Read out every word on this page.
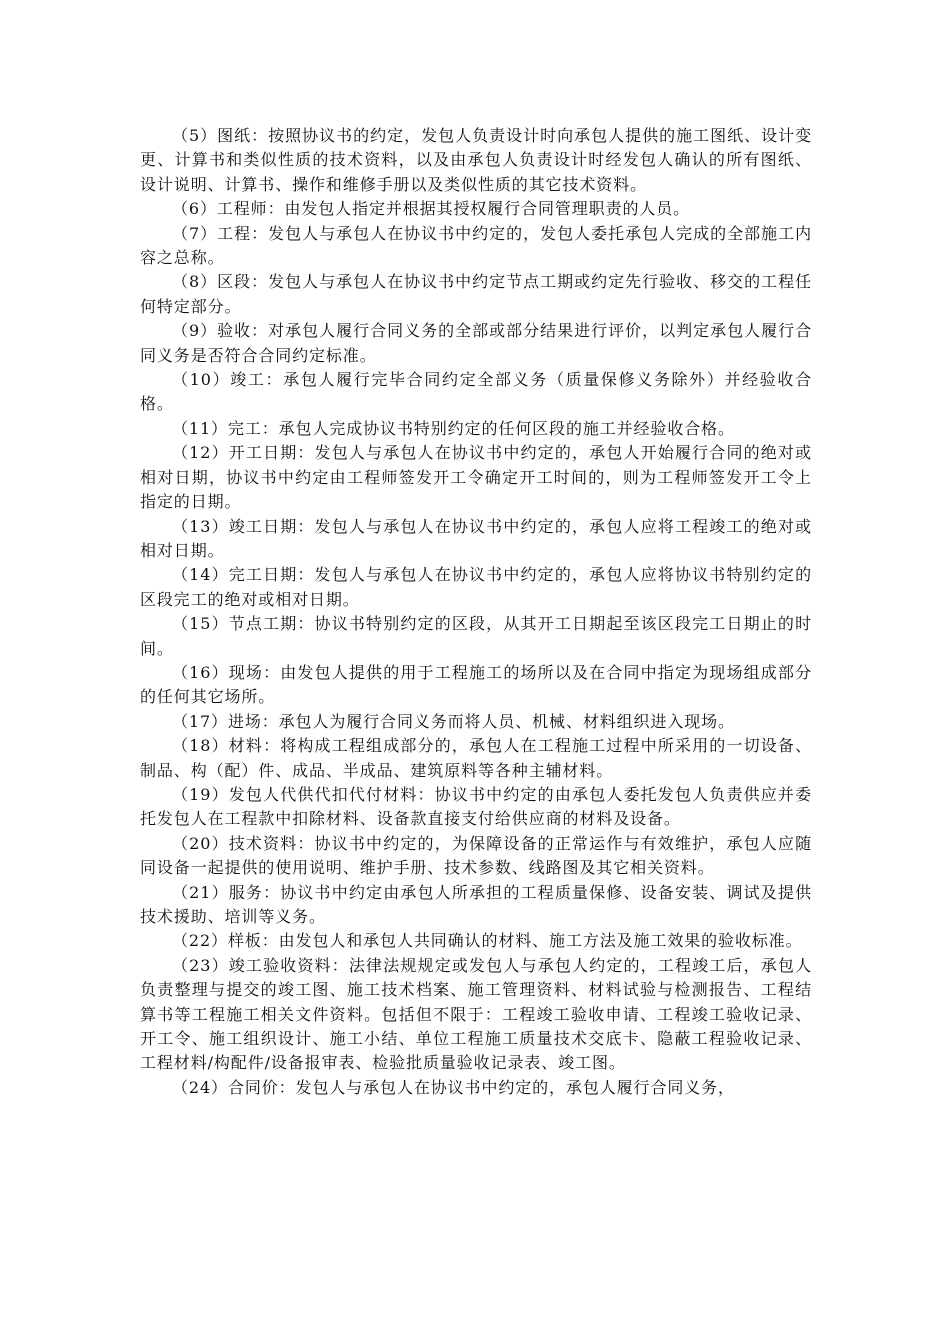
（5）图纸：按照协议书的约定，发包人负责设计时向承包人提供的施工图纸、设计变更、计算书和类似性质的技术资料，以及由承包人负责设计时经发包人确认的所有图纸、设计说明、计算书、操作和维修手册以及类似性质的其它技术资料。

（6）工程师：由发包人指定并根据其授权履行合同管理职责的人员。

（7）工程：发包人与承包人在协议书中约定的，发包人委托承包人完成的全部施工内容之总称。

（8）区段：发包人与承包人在协议书中约定节点工期或约定先行验收、移交的工程任何特定部分。

（9）验收：对承包人履行合同义务的全部或部分结果进行评价，以判定承包人履行合同义务是否符合合同约定标准。

（10）竣工：承包人履行完毕合同约定全部义务（质量保修义务除外）并经验收合格。

（11）完工：承包人完成协议书特别约定的任何区段的施工并经验收合格。

（12）开工日期：发包人与承包人在协议书中约定的，承包人开始履行合同的绝对或相对日期，协议书中约定由工程师签发开工令确定开工时间的，则为工程师签发开工令上指定的日期。

（13）竣工日期：发包人与承包人在协议书中约定的，承包人应将工程竣工的绝对或相对日期。

（14）完工日期：发包人与承包人在协议书中约定的，承包人应将协议书特别约定的区段完工的绝对或相对日期。

（15）节点工期：协议书特别约定的区段，从其开工日期起至该区段完工日期止的时间。

（16）现场：由发包人提供的用于工程施工的场所以及在合同中指定为现场组成部分的任何其它场所。

（17）进场：承包人为履行合同义务而将人员、机械、材料组织进入现场。

（18）材料：将构成工程组成部分的，承包人在工程施工过程中所采用的一切设备、制品、构（配）件、成品、半成品、建筑原料等各种主辅材料。

（19）发包人代供代扣代付材料：协议书中约定的由承包人委托发包人负责供应并委托发包人在工程款中扣除材料、设备款直接支付给供应商的材料及设备。

（20）技术资料：协议书中约定的，为保障设备的正常运作与有效维护，承包人应随同设备一起提供的使用说明、维护手册、技术参数、线路图及其它相关资料。

（21）服务：协议书中约定由承包人所承担的工程质量保修、设备安装、调试及提供技术援助、培训等义务。

（22）样板：由发包人和承包人共同确认的材料、施工方法及施工效果的验收标准。

（23）竣工验收资料：法律法规规定或发包人与承包人约定的，工程竣工后，承包人负责整理与提交的竣工图、施工技术档案、施工管理资料、材料试验与检测报告、工程结算书等工程施工相关文件资料。包括但不限于：工程竣工验收申请、工程竣工验收记录、开工令、施工组织设计、施工小结、单位工程施工质量技术交底卡、隐蔽工程验收记录、工程材料/构配件/设备报审表、检验批质量验收记录表、竣工图。

（24）合同价：发包人与承包人在协议书中约定的，承包人履行合同义务，
